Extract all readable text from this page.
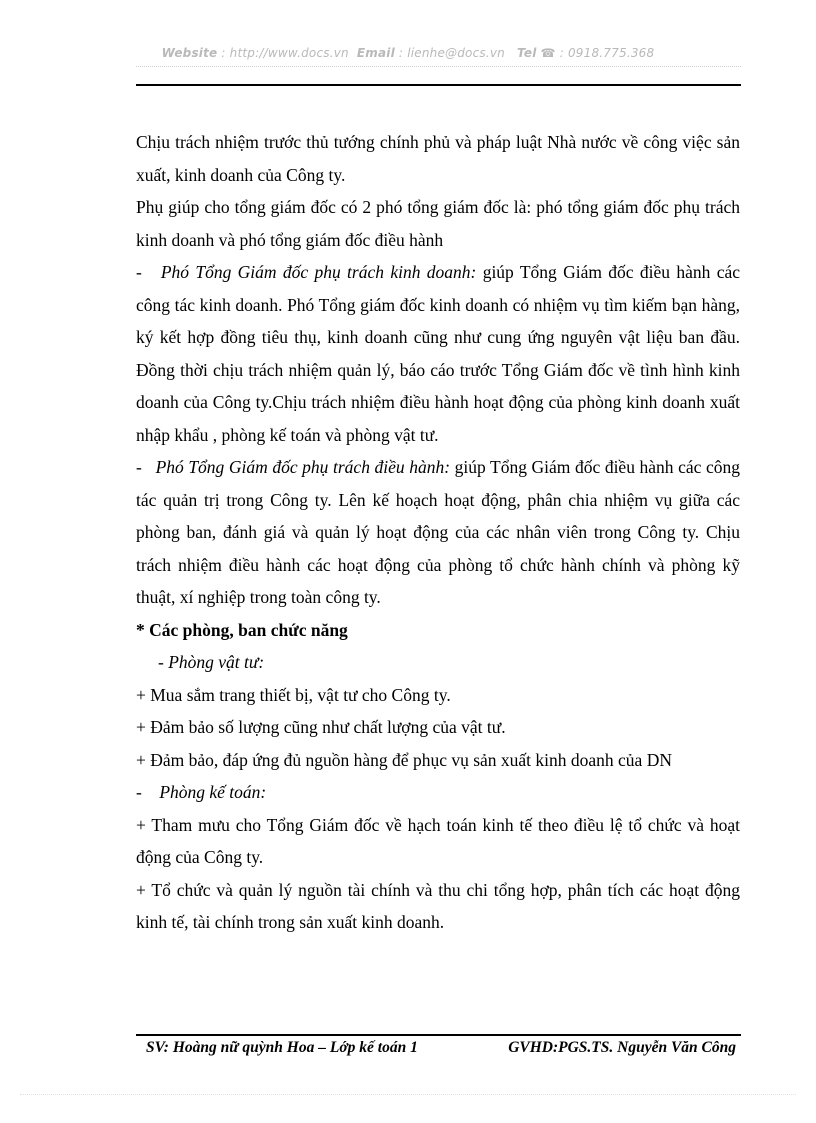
Website : http://www.docs.vn Email : lienhe@docs.vn Tel ☎ : 0918.775.368

Chịu trách nhiệm trước thủ tướng chính phủ và pháp luật Nhà nước về công việc sản xuất, kinh doanh của Công ty.

Phụ giúp cho tổng giám đốc có 2 phó tổng giám đốc là: phó tổng giám đốc phụ trách kinh doanh và phó tổng giám đốc điều hành

-   Phó Tổng Giám đốc phụ trách kinh doanh: giúp Tổng Giám đốc điều hành các công tác kinh doanh. Phó Tổng giám đốc kinh doanh có nhiệm vụ tìm kiếm bạn hàng, ký kết hợp đồng tiêu thụ, kinh doanh cũng như cung ứng nguyên vật liệu ban đầu. Đồng thời chịu trách nhiệm quản lý, báo cáo trước Tổng Giám đốc về tình hình kinh doanh của Công ty.Chịu trách nhiệm điều hành hoạt động của phòng kinh doanh xuất nhập khẩu , phòng kế toán và phòng vật tư.

-   Phó Tổng Giám đốc phụ trách điều hành: giúp Tổng Giám đốc điều hành các công tác quản trị trong Công ty. Lên kế hoạch hoạt động, phân chia nhiệm vụ giữa các phòng ban, đánh giá và quản lý hoạt động của các nhân viên trong Công ty. Chịu trách nhiệm điều hành các hoạt động của phòng tổ chức hành chính và phòng kỹ thuật, xí nghiệp trong toàn công ty.

* Các phòng, ban chức năng

- Phòng vật tư:

+ Mua sắm trang thiết bị, vật tư cho Công ty.

+ Đảm bảo số lượng cũng như chất lượng của vật tư.

+ Đảm bảo, đáp ứng đủ nguồn hàng để phục vụ sản xuất kinh doanh của DN

-    Phòng kế toán:

+ Tham mưu cho Tổng Giám đốc về hạch toán kinh tế theo điều lệ tổ chức và hoạt động của Công ty.

+ Tổ chức và quản lý nguồn tài chính và thu chi tổng hợp, phân tích các hoạt động kinh tế, tài chính trong sản xuất kinh doanh.

SV: Hoàng nữ quỳnh Hoa – Lớp kế toán 1	GVHD:PGS.TS. Nguyễn Văn Công
